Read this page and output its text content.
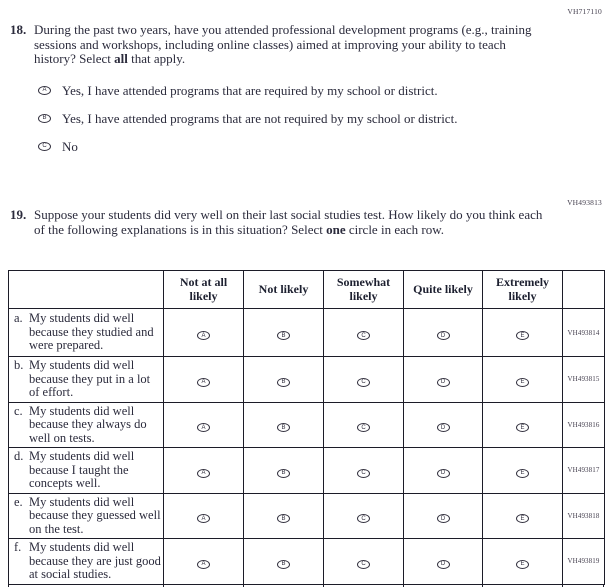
VH717110
18. During the past two years, have you attended professional development programs (e.g., training sessions and workshops, including online classes) aimed at improving your ability to teach history? Select all that apply.

A Yes, I have attended programs that are required by my school or district.
B Yes, I have attended programs that are not required by my school or district.
C No
VH493813
19. Suppose your students did very well on their last social studies test. How likely do you think each of the following explanations is in this situation? Select one circle in each row.

	Not at all likely	Not likely	Somewhat likely	Quite likely	Extremely likely	

a. My students did well because they studied and were prepared.	A	B	C	D	E	VH493814

b. My students did well because they put in a lot of effort.	A	B	C	D	E	VH493815

c. My students did well because they always do well on tests.	A	B	C	D	E	VH493816

d. My students did well because I taught the concepts well.	A	B	C	D	E	VH493817

e. My students did well because they guessed well on the test.	A	B	C	D	E	VH493818

f. My students did well because they are just good at social studies.	A	B	C	D	E	VH493819
